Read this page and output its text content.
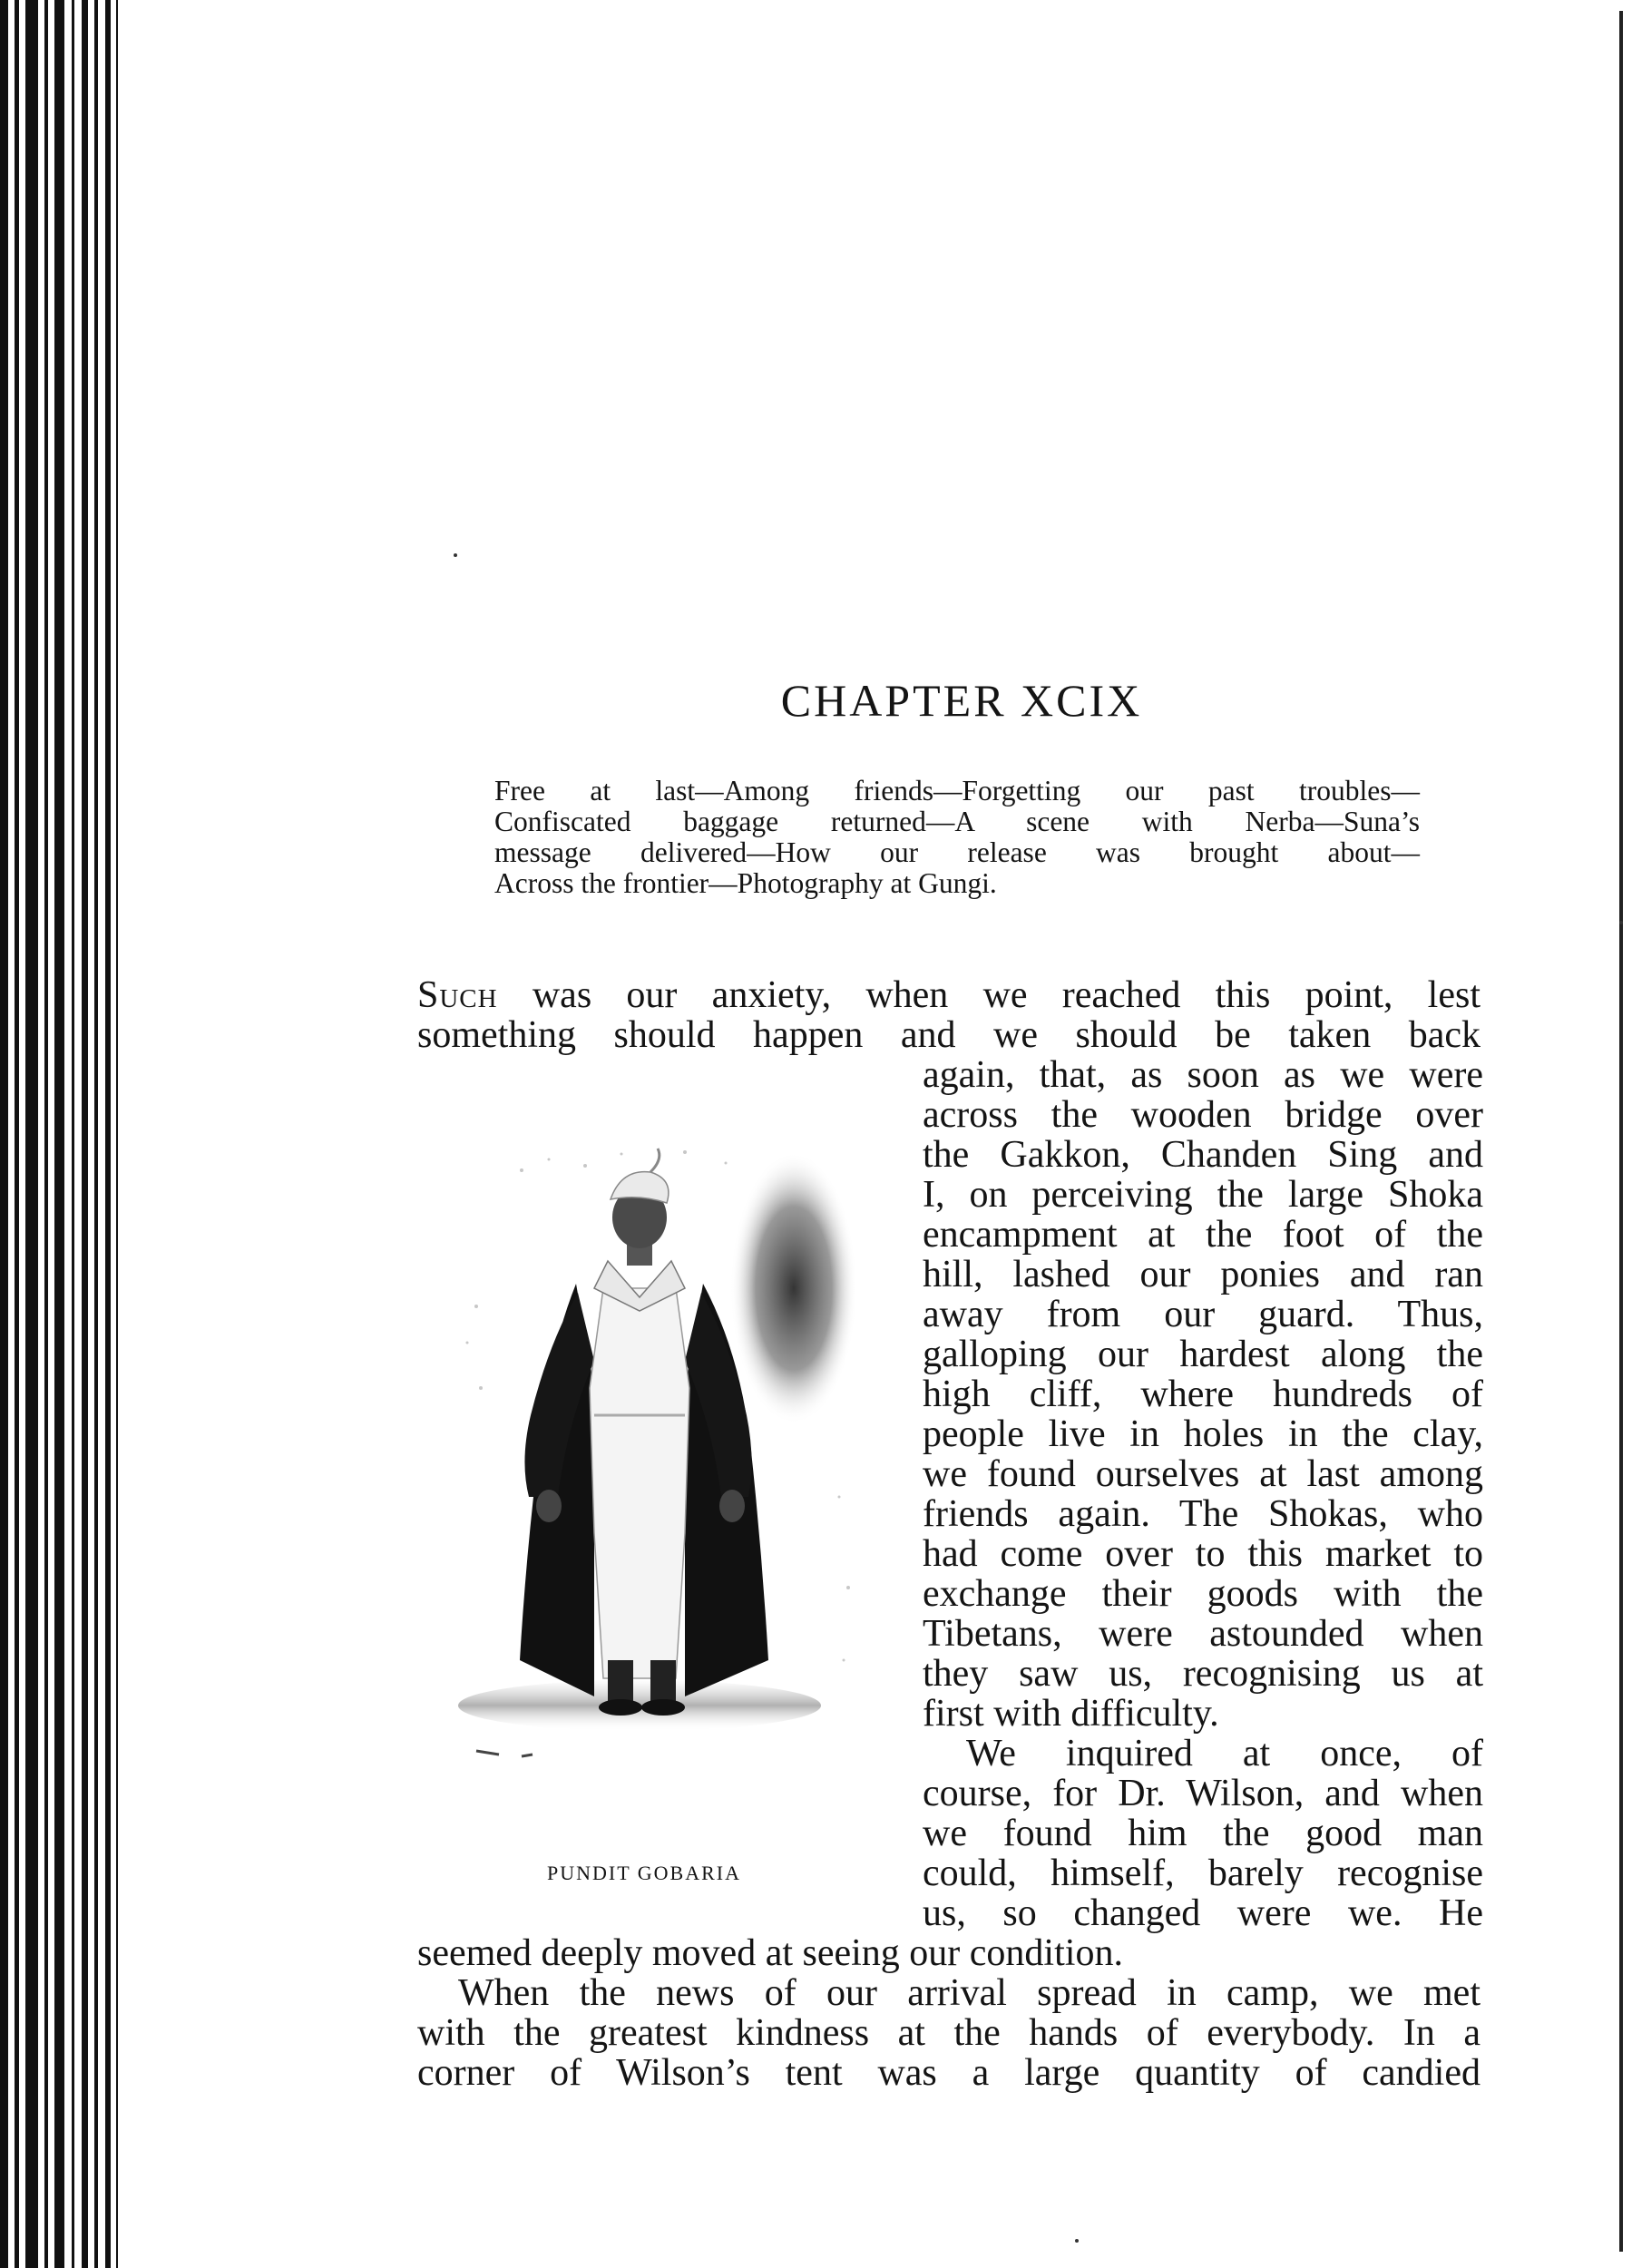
CHAPTER XCIX
Free at last—Among friends—Forgetting our past troubles—
Confiscated baggage returned—A scene with Nerba—Suna’s
message delivered—How our release was brought about—
Across the frontier—Photography at Gungi.
Such was our anxiety, when we reached this point, lest
something should happen and we should be taken back
again, that, as soon as we were
across the wooden bridge over
the Gakkon, Chanden Sing and
I, on perceiving the large Shoka
encampment at the foot of the
hill, lashed our ponies and ran
away from our guard. Thus,
galloping our hardest along the
high cliff, where hundreds of
people live in holes in the clay,
we found ourselves at last among
friends again. The Shokas, who
had come over to this market to
exchange their goods with the
Tibetans, were astounded when
they saw us, recognising us at
first with difficulty.
We inquired at once, of
course, for Dr. Wilson, and when
we found him the good man
could, himself, barely recognise
us, so changed were we. He
seemed deeply moved at seeing our condition.
When the news of our arrival spread in camp, we met
with the greatest kindness at the hands of everybody. In a
corner of Wilson’s tent was a large quantity of candied
PUNDIT GOBARIA
